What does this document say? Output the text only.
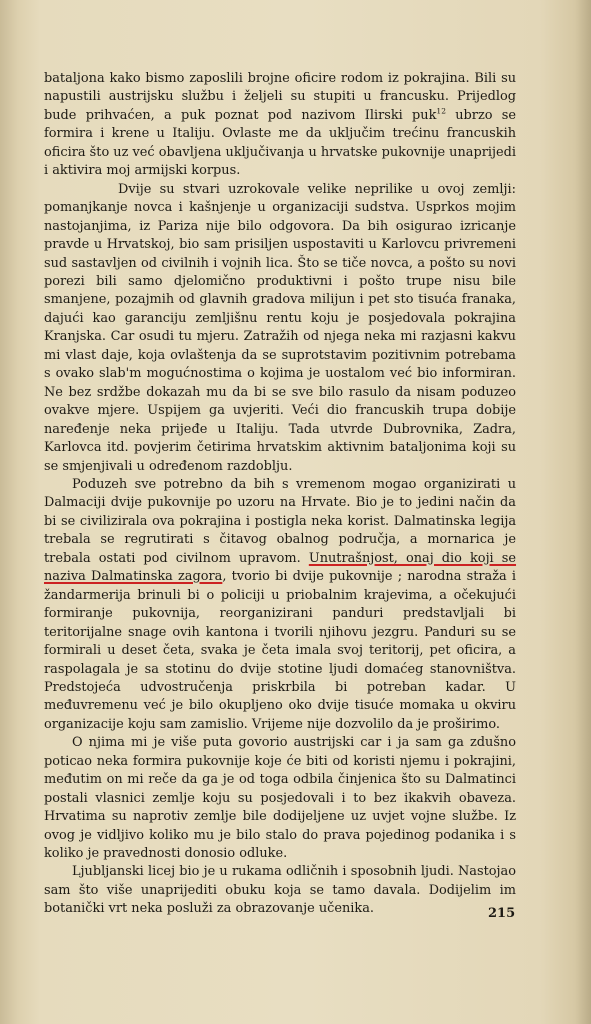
bataljona kako bismo zaposlili brojne oficire rodom iz pokrajina. Bili su napustili austrijsku službu i željeli su stupiti u francusku. Prijedlog bude prihvaćen, a puk poznat pod nazivom Ilirski puk$^{12}$ ubrzo se formira i krene u Italiju. Ovlaste me da uključim trećinu francuskih oficira što uz već obavljena uključivanja u hrvatske pukovnije unaprijedi i aktivira moj armijski korpus.

Dvije su stvari uzrokovale velike neprilike u ovoj zemlji: pomanjkanje novca i kašnjenje u organizaciji sudstva. Usprkos mojim nastojanjima, iz Pariza nije bilo odgovora. Da bih osigurao izricanje pravde u Hrvatskoj, bio sam prisiljen uspostaviti u Karlovcu privremeni sud sastavljen od civilnih i vojnih lica. Što se tiče novca, a pošto su novi porezi bili samo djelomično produktivni i pošto trupe nisu bile smanjene, pozajmih od glavnih gradova milijun i pet sto tisuća franaka, dajući kao garanciju zemljišnu rentu koju je posjedovala pokrajina Kranjska. Car osudi tu mjeru. Zatražih od njega neka mi razjasni kakvu mi vlast daje, koja ovlaštenja da se suprotstavim pozitivnim potrebama s ovako slab'm mogućnostima o kojima je uostalom već bio informiran. Ne bez srdžbe dokazah mu da bi se sve bilo rasulo da nisam poduzeo ovakve mjere. Uspijem ga uvjeriti. Veći dio francuskih trupa dobije naređenje neka prijeđe u Italiju. Tada utvrde Dubrovnika, Zadra, Karlovca itd. povjerim četirima hrvatskim aktivnim bataljonima koji su se smjenjivali u određenom razdoblju.

Poduzeh sve potrebno da bih s vremenom mogao organizirati u Dalmaciji dvije pukovnije po uzoru na Hrvate. Bio je to jedini način da bi se civilizirala ova pokrajina i postigla neka korist. Dalmatinska legija trebala se regrutirati s čitavog obalnog područja, a mornarica je trebala ostati pod civilnom upravom. Unutrašnjost, onaj dio koji se naziva Dalmatinska zagora, tvorio bi dvije pukovnije ; narodna straža i žandarmerija brinuli bi o policiji u priobalnim krajevima, a očekujući formiranje pukovnija, reorganizirani panduri predstavljali bi teritorijalne snage ovih kantona i tvorili njihovu jezgru. Panduri su se formirali u deset četa, svaka je četa imala svoj teritorij, pet oficira, a raspolagala je sa stotinu do dvije stotine ljudi domaćeg stanovništva. Predstojeća udvostručenja priskrbila bi potreban kadar. U međuvremenu već je bilo okupljeno oko dvije tisuće momaka u okviru organizacije koju sam zamislio. Vrijeme nije dozvolilo da je proširimo.

O njima mi je više puta govorio austrijski car i ja sam ga zdušno poticao neka formira pukovnije koje će biti od koristi njemu i pokrajini, međutim on mi reče da ga je od toga odbila činjenica što su Dalmatinci postali vlasnici zemlje koju su posjedovali i to bez ikakvih obaveza. Hrvatima su naprotiv zemlje bile dodijeljene uz uvjet vojne službe. Iz ovog je vidljivo koliko mu je bilo stalo do prava pojedinog podanika i s koliko je pravednosti donosio odluke.

Ljubljanski licej bio je u rukama odličnih i sposobnih ljudi. Nastojao sam što više unaprijediti obuku koja se tamo davala. Dodijelim im botanički vrt neka posluži za obrazovanje učenika.	215
